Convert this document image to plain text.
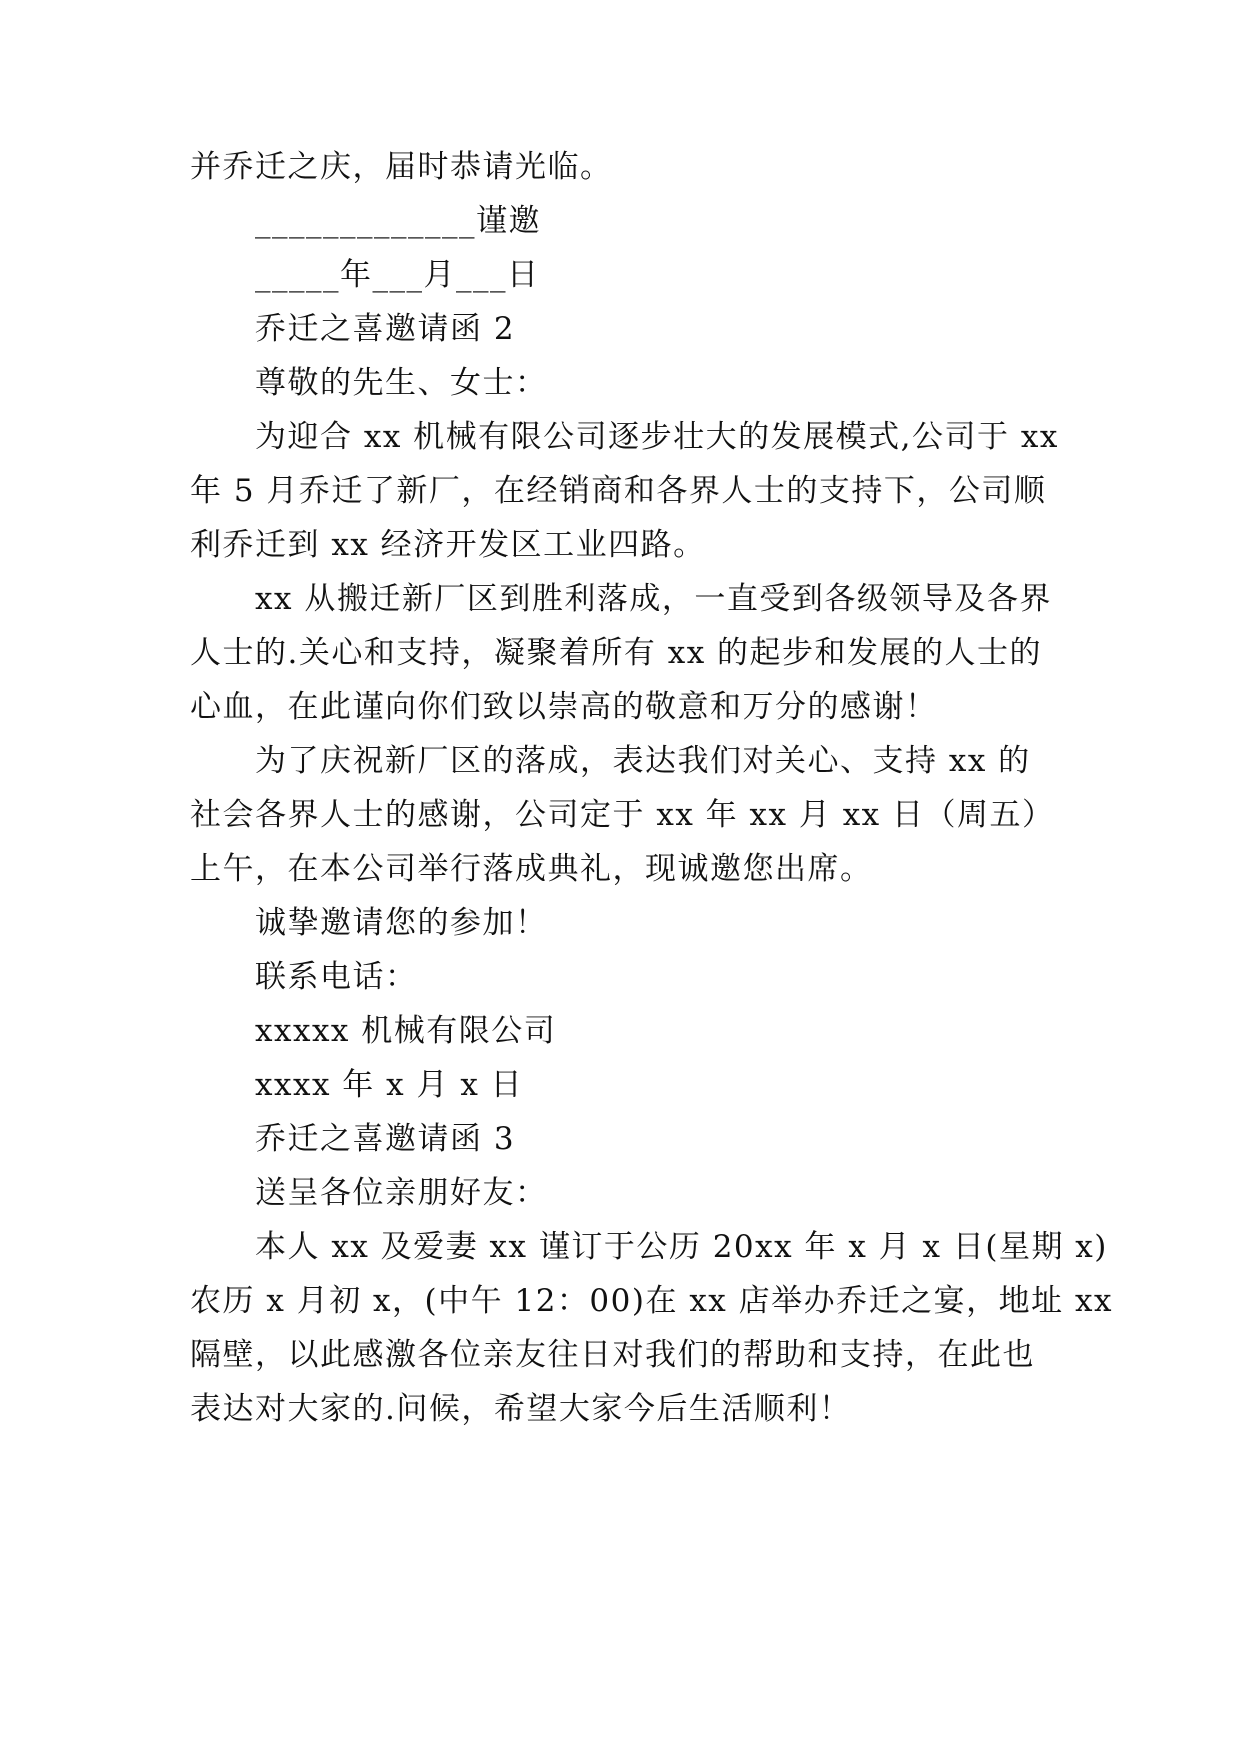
并乔迁之庆，届时恭请光临。
_____________谨邀
_____年___月___日
乔迁之喜邀请函 2
尊敬的先生、女士：
为迎合 xx 机械有限公司逐步壮大的发展模式,公司于 xx
年 5 月乔迁了新厂，在经销商和各界人士的支持下，公司顺
利乔迁到 xx 经济开发区工业四路。
xx 从搬迁新厂区到胜利落成，一直受到各级领导及各界
人士的.关心和支持，凝聚着所有 xx 的起步和发展的人士的
心血，在此谨向你们致以崇高的敬意和万分的感谢！
为了庆祝新厂区的落成，表达我们对关心、支持 xx 的
社会各界人士的感谢，公司定于 xx 年 xx 月 xx 日（周五）
上午，在本公司举行落成典礼，现诚邀您出席。
诚挚邀请您的参加！
联系电话：
xxxxx 机械有限公司
xxxx 年 x 月 x 日
乔迁之喜邀请函 3
送呈各位亲朋好友：
本人 xx 及爱妻 xx 谨订于公历 20xx 年 x 月 x 日(星期 x)
农历 x 月初 x，(中午 12：00)在 xx 店举办乔迁之宴，地址 xx
隔壁，以此感激各位亲友往日对我们的帮助和支持，在此也
表达对大家的.问候，希望大家今后生活顺利！
